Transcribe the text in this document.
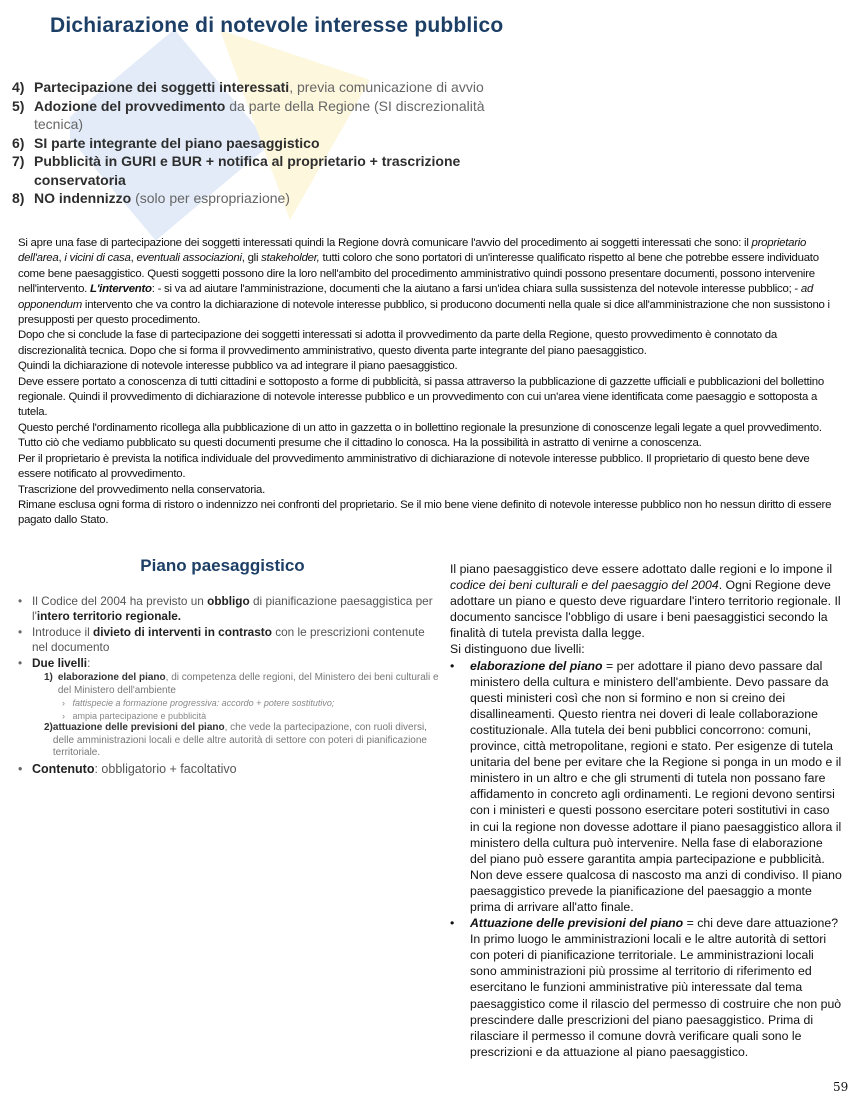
Dichiarazione di notevole interesse pubblico
4) Partecipazione dei soggetti interessati, previa comunicazione di avvio
5) Adozione del provvedimento da parte della Regione (SI discrezionalità tecnica)
6) SI parte integrante del piano paesaggistico
7) Pubblicità in GURI e BUR + notifica al proprietario + trascrizione conservatoria
8) NO indennizzo (solo per espropriazione)

Si apre una fase di partecipazione dei soggetti interessati quindi la Regione dovrà comunicare l'avvio del procedimento ai soggetti interessati che sono: il proprietario dell'area, i vicini di casa, eventuali associazioni, gli stakeholder, tutti coloro che sono portatori di un'interesse qualificato rispetto al bene che potrebbe essere individuato come bene paesaggistico. Questi soggetti possono dire la loro nell'ambito del procedimento amministrativo quindi possono presentare documenti, possono intervenire nell'intervento. L'intervento: - si va ad aiutare l'amministrazione, documenti che la aiutano a farsi un'idea chiara sulla sussistenza del notevole interesse pubblico; - ad opponendum intervento che va contro la dichiarazione di notevole interesse pubblico, si producono documenti nella quale si dice all'amministrazione che non sussistono i presupposti per questo procedimento.

Dopo che si conclude la fase di partecipazione dei soggetti interessati si adotta il provvedimento da parte della Regione, questo provvedimento è connotato da discrezionalità tecnica. Dopo che si forma il provvedimento amministrativo, questo diventa parte integrante del piano paesaggistico.

Quindi la dichiarazione di notevole interesse pubblico va ad integrare il piano paesaggistico.

Deve essere portato a conoscenza di tutti cittadini e sottoposto a forme di pubblicità, si passa attraverso la pubblicazione di gazzette ufficiali e pubblicazioni del bollettino regionale. Quindi il provvedimento di dichiarazione di notevole interesse pubblico e un provvedimento con cui un'area viene identificata come paesaggio e sottoposta a tutela.

Questo perché l'ordinamento ricollega alla pubblicazione di un atto in gazzetta o in bollettino regionale la presunzione di conoscenze legali legate a quel provvedimento. Tutto ciò che vediamo pubblicato su questi documenti presume che il cittadino lo conosca. Ha la possibilità in astratto di venirne a conoscenza.

Per il proprietario è prevista la notifica individuale del provvedimento amministrativo di dichiarazione di notevole interesse pubblico. Il proprietario di questo bene deve essere notificato al provvedimento.

Trascrizione del provvedimento nella conservatoria.

Rimane esclusa ogni forma di ristoro o indennizzo nei confronti del proprietario. Se il mio bene viene definito di notevole interesse pubblico non ho nessun diritto di essere pagato dallo Stato.

Piano paesaggistico
• Il Codice del 2004 ha previsto un obbligo di pianificazione paesaggistica per l'intero territorio regionale.
• Introduce il divieto di interventi in contrasto con le prescrizioni contenute nel documento
• Due livelli:
1) elaborazione del piano, di competenza delle regioni, del Ministero dei beni culturali e del Ministero dell'ambiente
›   fattispecie a formazione progressiva: accordo + potere sostitutivo;
›   ampia partecipazione e pubblicità
2) attuazione delle previsioni del piano, che vede la partecipazione, con ruoli diversi, delle amministrazioni locali e delle altre autorità di settore con poteri di pianificazione territoriale.
• Contenuto: obbligatorio + facoltativo

Il piano paesaggistico deve essere adottato dalle regioni e lo impone il codice dei beni culturali e del paesaggio del 2004. Ogni Regione deve adottare un piano e questo deve riguardare l'intero territorio regionale. Il documento sancisce l'obbligo di usare i beni paesaggistici secondo la finalità di tutela prevista dalla legge.

Si distinguono due livelli:

•	elaborazione del piano = per adottare il piano devo passare dal ministero della cultura e ministero dell'ambiente. Devo passare da questi ministeri così che non si formino e non si creino dei disallineamenti. Questo rientra nei doveri di leale collaborazione costituzionale. Alla tutela dei beni pubblici concorrono: comuni, province, città metropolitane, regioni e stato. Per esigenze di tutela unitaria del bene per evitare che la Regione si ponga in un modo e il ministero in un altro e che gli strumenti di tutela non possano fare affidamento in concreto agli ordinamenti. Le regioni devono sentirsi con i ministeri e questi possono esercitare poteri sostitutivi in caso in cui la regione non dovesse adottare il piano paesaggistico allora il ministero della cultura può intervenire. Nella fase di elaborazione del piano può essere garantita ampia partecipazione e pubblicità. Non deve essere qualcosa di nascosto ma anzi di condiviso. Il piano paesaggistico prevede la pianificazione del paesaggio a monte prima di arrivare all'atto finale.
•	Attuazione delle previsioni del piano = chi deve dare attuazione? In primo luogo le amministrazioni locali e le altre autorità di settori con poteri di pianificazione territoriale. Le amministrazioni locali sono amministrazioni più prossime al territorio di riferimento ed esercitano le funzioni amministrative più interessate dal tema paesaggistico come il rilascio del permesso di costruire che non può prescindere dalle prescrizioni del piano paesaggistico. Prima di rilasciare il permesso il comune dovrà verificare quali sono le prescrizioni e da attuazione al piano paesaggistico.
59
